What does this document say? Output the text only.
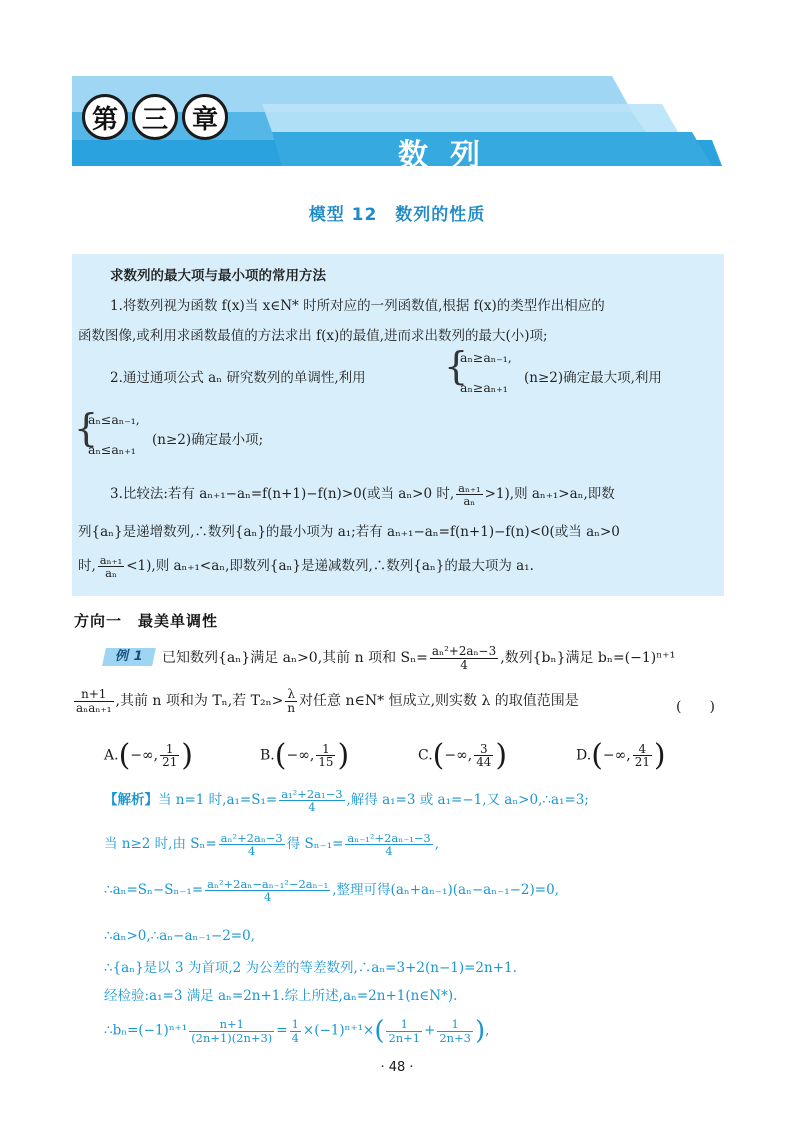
第 三 章
数列
模型 12　数列的性质
求数列的最大项与最小项的常用方法
1.将数列视为函数 f(x)当 x∈N* 时所对应的一列函数值,根据 f(x)的类型作出相应的
函数图像,或利用求函数最值的方法求出 f(x)的最值,进而求出数列的最大(小)项;
2.通过通项公式 aₙ 研究数列的单调性,利用 {
aₙ≥aₙ₋₁,
aₙ≥aₙ₊₁
(n≥2)确定最大项,利用
{
aₙ≤aₙ₋₁,
aₙ≤aₙ₊₁
(n≥2)确定最小项;
3.比较法:若有 aₙ₊₁−aₙ=f(n+1)−f(n)>0(或当 aₙ>0 时, $\frac{\text{aₙ₊₁}}{\text{aₙ}} >1$),则 aₙ₊₁>aₙ,即数
列{aₙ}是递增数列,∴数列{aₙ}的最小项为 a₁;若有 aₙ₊₁−aₙ=f(n+1)−f(n)<0(或当 aₙ>0
时, $\frac{\text{aₙ₊₁}}{\text{aₙ}} <1$),则 aₙ₊₁<aₙ,即数列{aₙ}是递减数列,∴数列{aₙ}的最大项为 a₁.
方向一　最美单调性
例 1	已知数列{aₙ}满足 aₙ>0,其前 n 项和 $S_n= \frac{\text{aₙ²+2aₙ−3}}{4}$ ,数列{bₙ}满足 bₙ=(−1)ⁿ⁺¹
$\frac{n+1}{\text{aₙaₙ₊₁}}$ ,其前 n 项和为 Tₙ,若 $T_{2n}> \frac{\lambda}{n}$ 对任意 n∈N* 恒成立,则实数 λ 的取值范围是	(　　)
A.(−∞, $\frac{1}{21}$ )	B.(−∞, $\frac{1}{15}$ )	C.(−∞, $\frac{3}{44}$ )	D.(−∞, $\frac{4}{21}$ )
【解析】当 n=1 时$,a_1=S_1= \frac{\text{a₁²+2a₁−3}}{4}$ ,解得 a₁=3 或 a₁=−1,又 aₙ>0,∴a₁=3;
当 n≥2 时,由 $S_n= \frac{\text{aₙ²+2aₙ−3}}{4}$ 得 $S_{n-1}= \frac{\text{aₙ₋₁²+2aₙ₋₁−3}}{4}$ ,
∴aₙ=Sₙ−Sₙ₋₁= $\frac{\text{aₙ²+2aₙ−aₙ₋₁²−2aₙ₋₁}}{4}$ ,整理可得(aₙ+aₙ₋₁)(aₙ−aₙ₋₁−2)=0,
∴aₙ>0,∴aₙ−aₙ₋₁−2=0,
∴{aₙ}是以 3 为首项,2 为公差的等差数列,∴aₙ=3+2(n−1)=2n+1.
经检验:a₁=3 满足 aₙ=2n+1.综上所述,aₙ=2n+1(n∈N*).
∴bₙ=(−1)ⁿ⁺¹ $\frac{n+1}{(2n+1)(2n+3)} = \frac{1}{4} \times(-1)^{n+1}\times( \frac{1}{2n+1} + \frac{1}{2n+3}$ ),
· 48 ·
